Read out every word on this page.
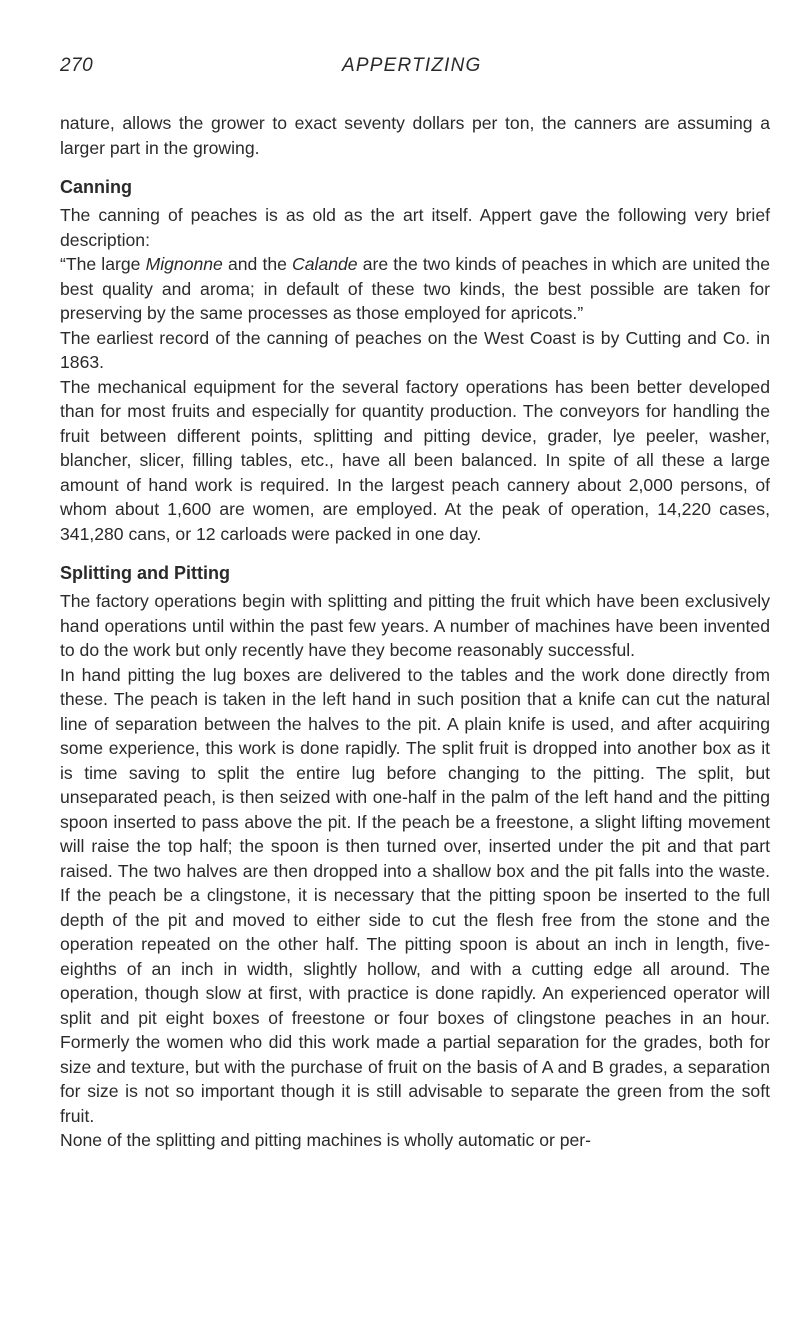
270	APPERTIZING

nature, allows the grower to exact seventy dollars per ton, the canners are assuming a larger part in the growing.

Canning

The canning of peaches is as old as the art itself. Appert gave the following very brief description:

“The large Mignonne and the Calande are the two kinds of peaches in which are united the best quality and aroma; in default of these two kinds, the best possible are taken for preserving by the same processes as those employed for apricots.”

The earliest record of the canning of peaches on the West Coast is by Cutting and Co. in 1863.

The mechanical equipment for the several factory operations has been better developed than for most fruits and especially for quantity production. The conveyors for handling the fruit between different points, splitting and pitting device, grader, lye peeler, washer, blancher, slicer, filling tables, etc., have all been balanced. In spite of all these a large amount of hand work is required. In the largest peach cannery about 2,000 persons, of whom about 1,600 are women, are employed. At the peak of operation, 14,220 cases, 341,280 cans, or 12 carloads were packed in one day.

Splitting and Pitting

The factory operations begin with splitting and pitting the fruit which have been exclusively hand operations until within the past few years. A number of machines have been invented to do the work but only recently have they become reasonably successful.

In hand pitting the lug boxes are delivered to the tables and the work done directly from these. The peach is taken in the left hand in such position that a knife can cut the natural line of separation between the halves to the pit. A plain knife is used, and after acquiring some experience, this work is done rapidly. The split fruit is dropped into another box as it is time saving to split the entire lug before changing to the pitting. The split, but unseparated peach, is then seized with one-half in the palm of the left hand and the pitting spoon inserted to pass above the pit. If the peach be a freestone, a slight lifting movement will raise the top half; the spoon is then turned over, inserted under the pit and that part raised. The two halves are then dropped into a shallow box and the pit falls into the waste. If the peach be a clingstone, it is necessary that the pitting spoon be inserted to the full depth of the pit and moved to either side to cut the flesh free from the stone and the operation repeated on the other half. The pitting spoon is about an inch in length, five-eighths of an inch in width, slightly hollow, and with a cutting edge all around. The operation, though slow at first, with practice is done rapidly. An experienced operator will split and pit eight boxes of freestone or four boxes of clingstone peaches in an hour. Formerly the women who did this work made a partial separation for the grades, both for size and texture, but with the purchase of fruit on the basis of A and B grades, a separation for size is not so important though it is still advisable to separate the green from the soft fruit.

None of the splitting and pitting machines is wholly automatic or per-
